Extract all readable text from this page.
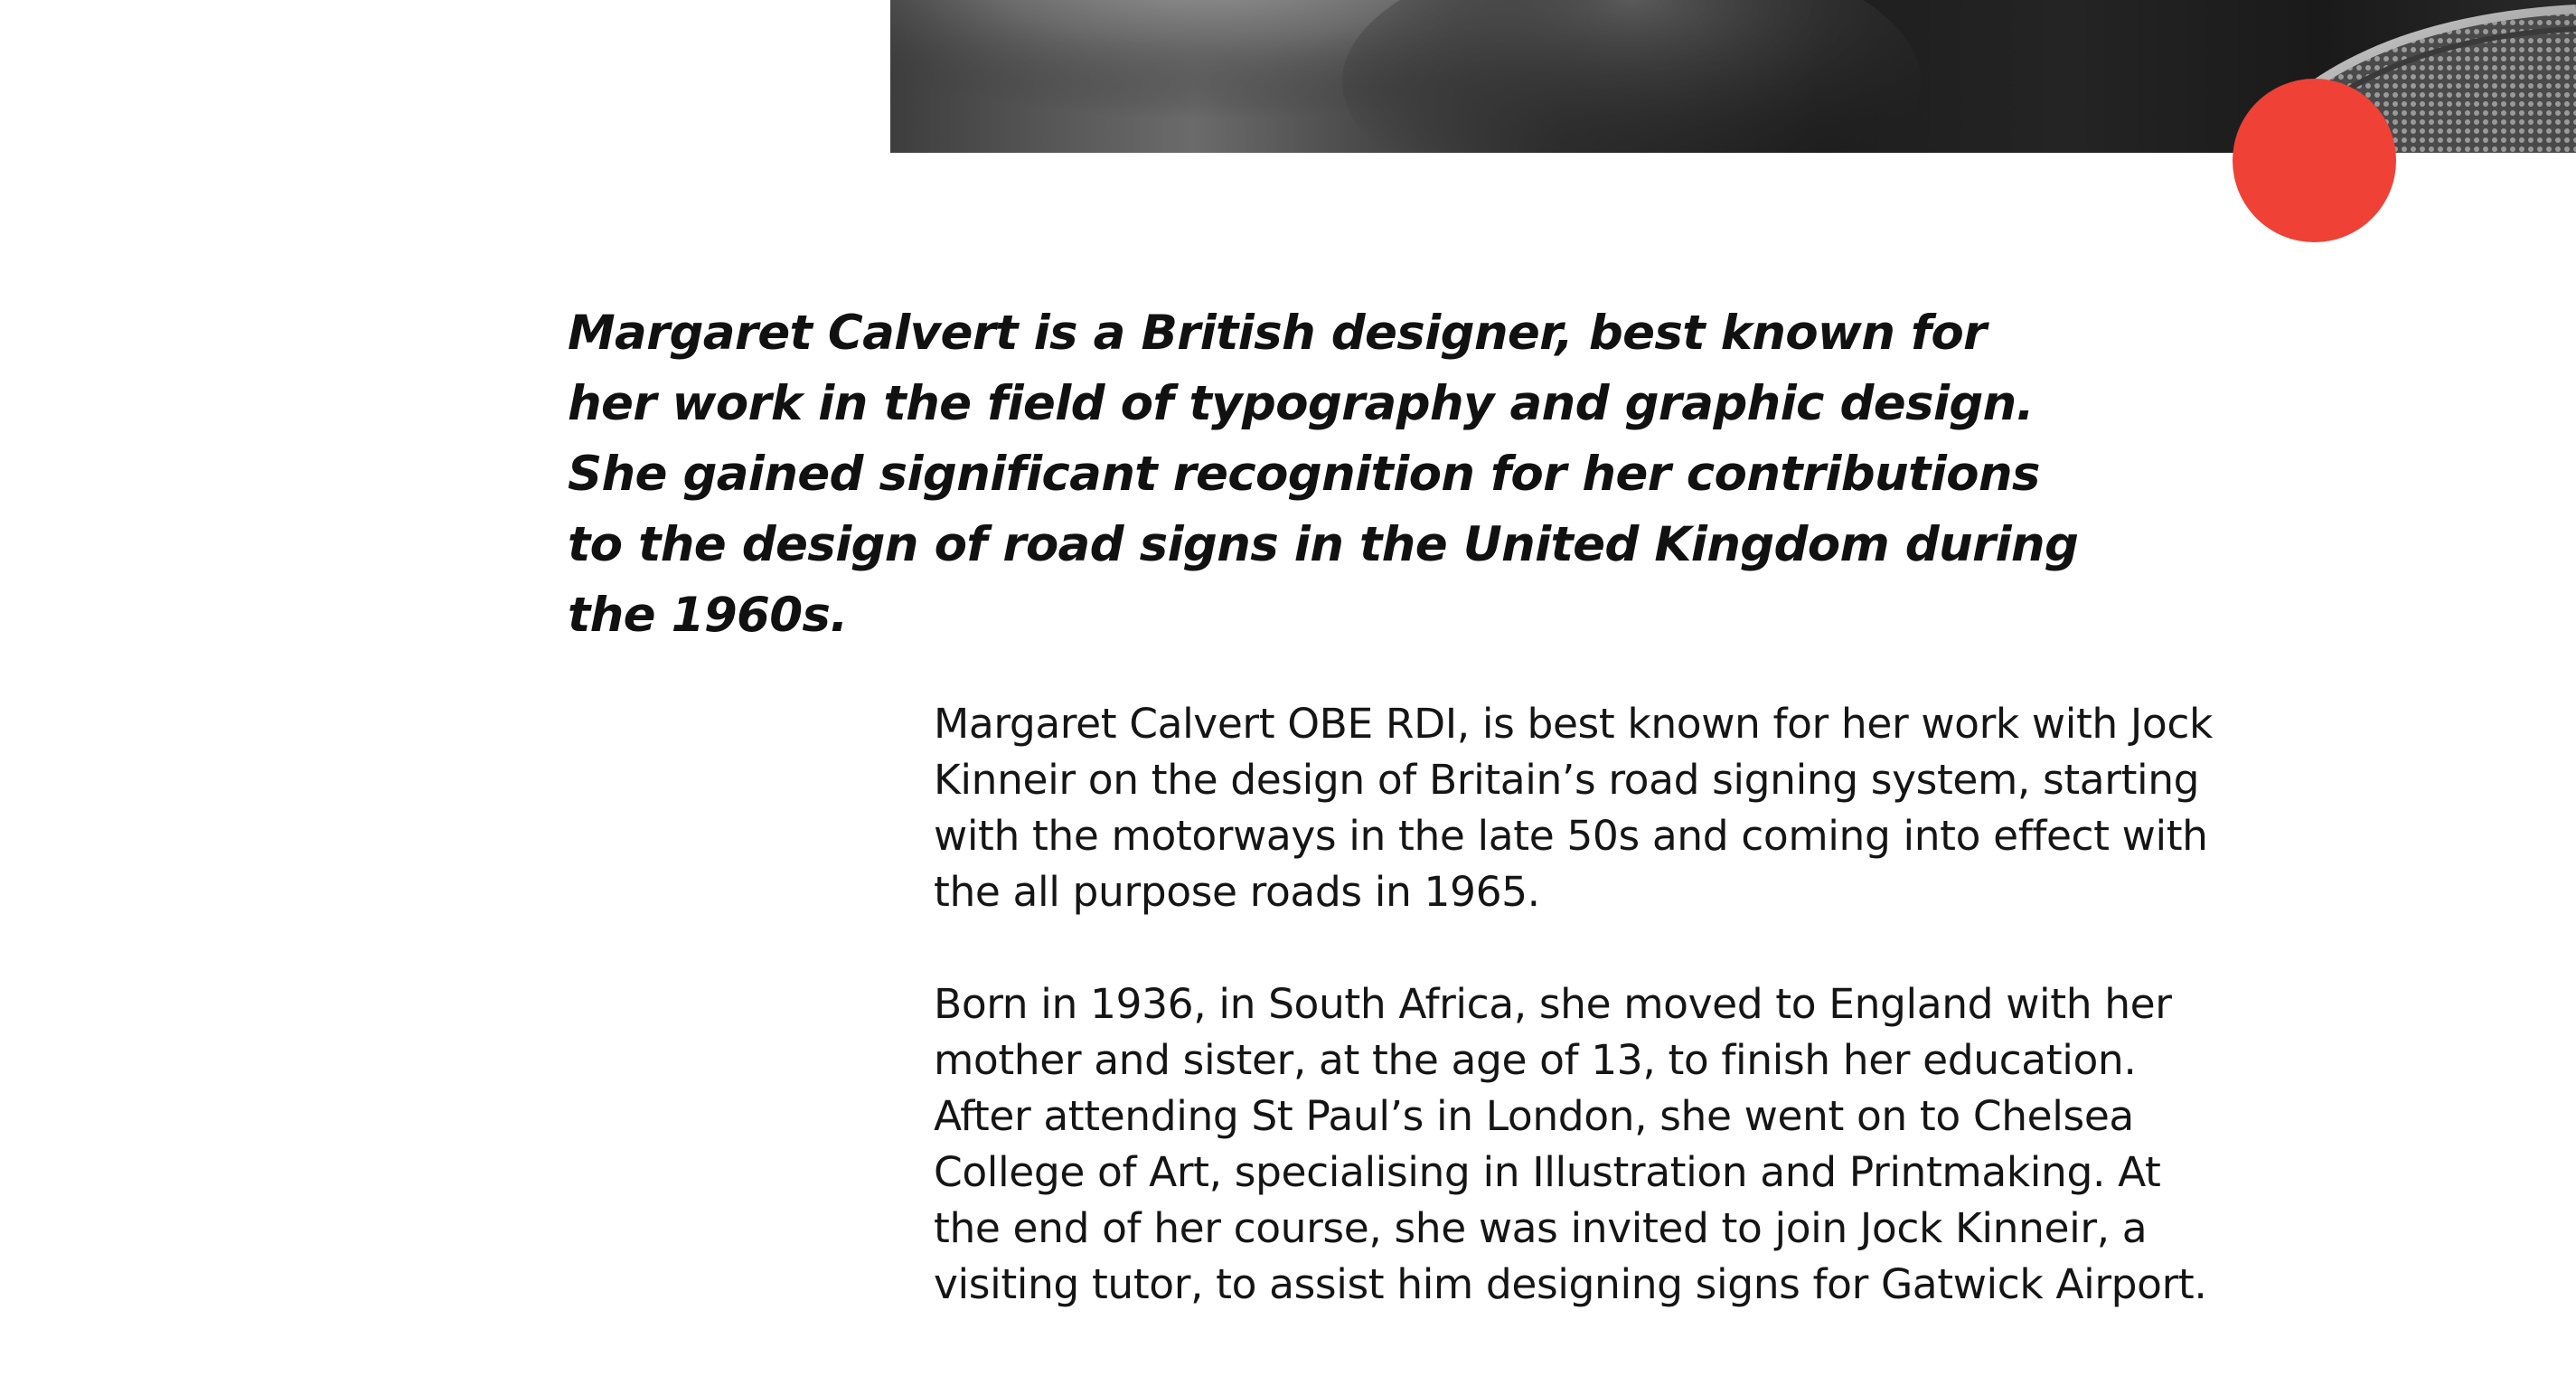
Margaret Calvert is a British designer, best known for her work in the field of typography and graphic design. She gained significant recognition for her contributions to the design of road signs in the United Kingdom during the 1960s.

Margaret Calvert OBE RDI, is best known for her work with Jock Kinneir on the design of Britain’s road signing system, starting with the motorways in the late 50s and coming into effect with the all purpose roads in 1965.

Born in 1936, in South Africa, she moved to England with her mother and sister, at the age of 13, to finish her education. After attending St Paul’s in London, she went on to Chelsea College of Art, specialising in Illustration and Printmaking. At the end of her course, she was invited to join Jock Kinneir, a visiting tutor, to assist him designing signs for Gatwick Airport.
